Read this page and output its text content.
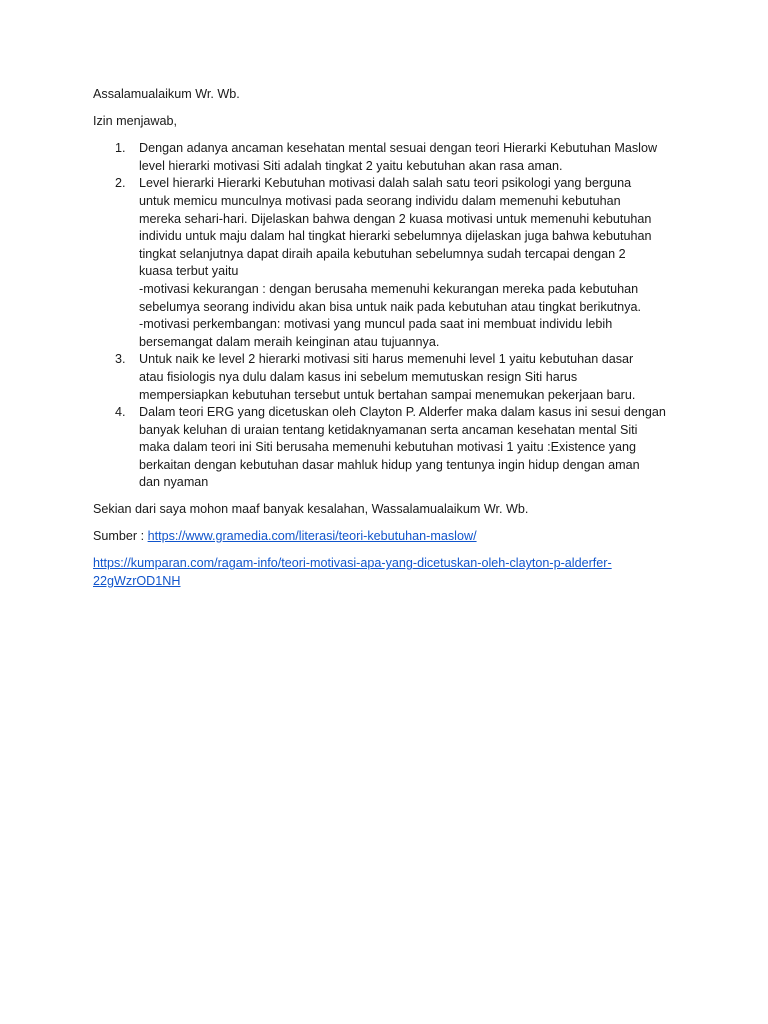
Assalamualaikum Wr. Wb.

Izin menjawab,

1. Dengan adanya ancaman kesehatan mental sesuai dengan teori Hierarki Kebutuhan Maslow
level hierarki motivasi Siti adalah tingkat 2 yaitu kebutuhan akan rasa aman.
2. Level hierarki Hierarki Kebutuhan motivasi dalah salah satu teori psikologi yang berguna
untuk memicu munculnya motivasi pada seorang individu dalam memenuhi kebutuhan
mereka sehari-hari. Dijelaskan bahwa dengan 2 kuasa motivasi untuk memenuhi kebutuhan
individu untuk maju dalam hal tingkat hierarki sebelumnya dijelaskan juga bahwa kebutuhan
tingkat selanjutnya dapat diraih apaila kebutuhan sebelumnya sudah tercapai dengan 2
kuasa terbut yaitu
-motivasi kekurangan : dengan berusaha memenuhi kekurangan mereka pada kebutuhan
sebelumya seorang individu akan bisa untuk naik pada kebutuhan atau tingkat berikutnya.
-motivasi perkembangan: motivasi yang muncul pada saat ini membuat individu lebih
bersemangat dalam meraih keinginan atau tujuannya.
3. Untuk naik ke level 2 hierarki motivasi siti harus memenuhi level 1 yaitu kebutuhan dasar
atau fisiologis nya dulu dalam kasus ini sebelum memutuskan resign Siti harus
mempersiapkan kebutuhan tersebut untuk bertahan sampai menemukan pekerjaan baru.
4. Dalam teori ERG yang dicetuskan oleh Clayton P. Alderfer maka dalam kasus ini sesui dengan
banyak keluhan di uraian tentang ketidaknyamanan serta ancaman kesehatan mental Siti
maka dalam teori ini Siti berusaha memenuhi kebutuhan motivasi 1 yaitu :Existence yang
berkaitan dengan kebutuhan dasar mahluk hidup yang tentunya ingin hidup dengan aman
dan nyaman

Sekian dari saya mohon maaf banyak kesalahan, Wassalamualaikum Wr. Wb.

Sumber : https://www.gramedia.com/literasi/teori-kebutuhan-maslow/

https://kumparan.com/ragam-info/teori-motivasi-apa-yang-dicetuskan-oleh-clayton-p-alderfer-
22gWzrOD1NH
